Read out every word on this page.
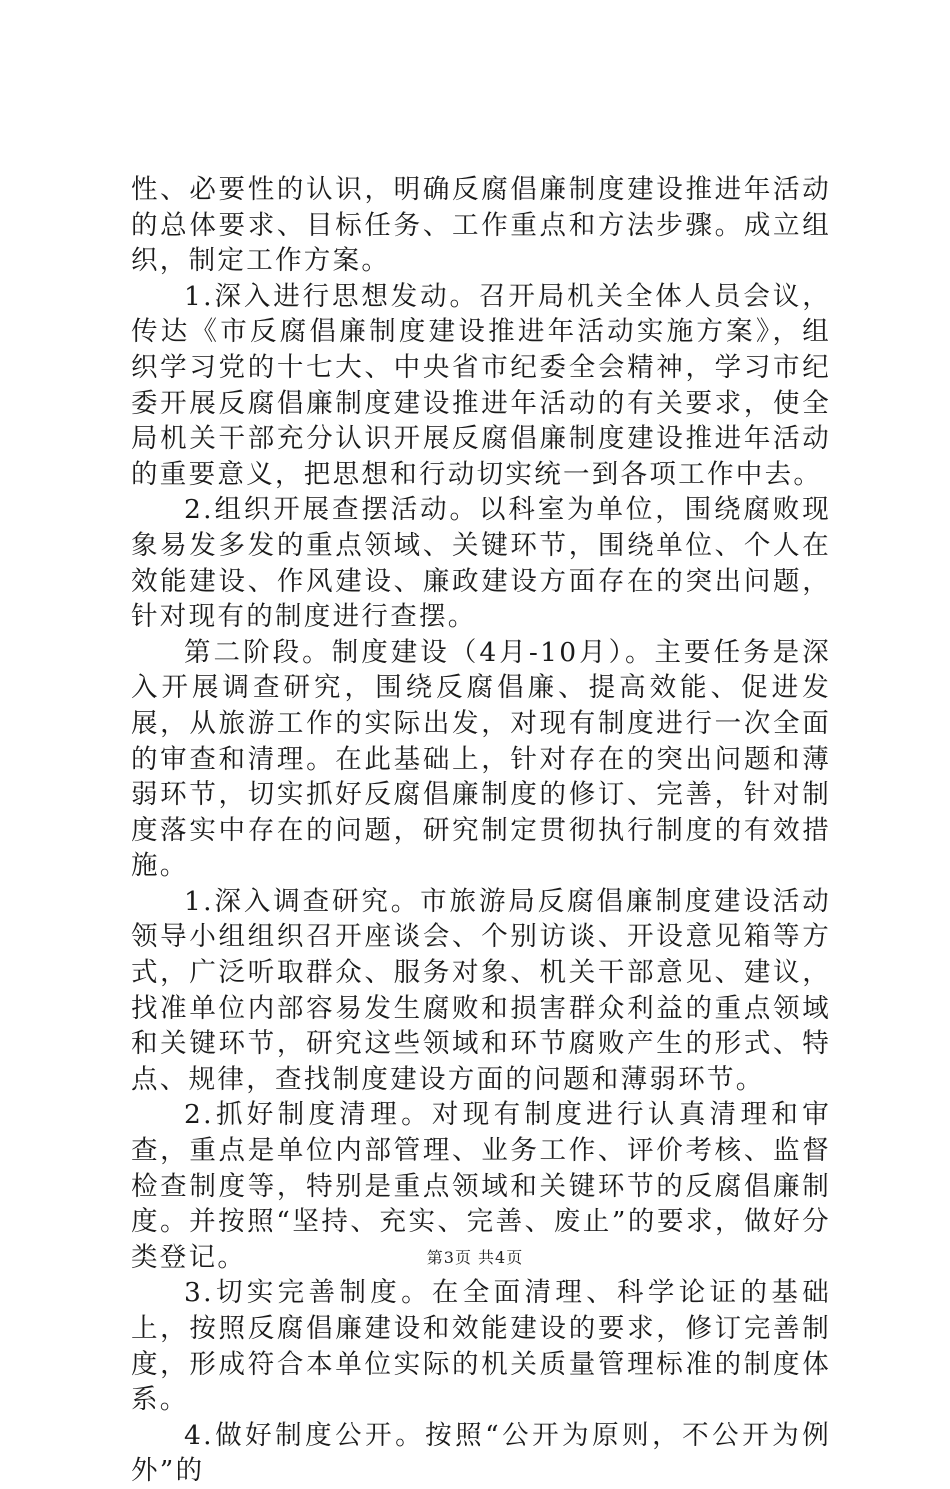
性、必要性的认识，明确反腐倡廉制度建设推进年活动的总体要求、目标任务、工作重点和方法步骤。成立组织，制定工作方案。

1.深入进行思想发动。召开局机关全体人员会议，传达《市反腐倡廉制度建设推进年活动实施方案》，组织学习党的十七大、中央省市纪委全会精神，学习市纪委开展反腐倡廉制度建设推进年活动的有关要求，使全局机关干部充分认识开展反腐倡廉制度建设推进年活动的重要意义，把思想和行动切实统一到各项工作中去。

2.组织开展查摆活动。以科室为单位，围绕腐败现象易发多发的重点领域、关键环节，围绕单位、个人在效能建设、作风建设、廉政建设方面存在的突出问题，针对现有的制度进行查摆。

第二阶段。制度建设（4月-10月）。主要任务是深入开展调查研究，围绕反腐倡廉、提高效能、促进发展，从旅游工作的实际出发，对现有制度进行一次全面的审查和清理。在此基础上，针对存在的突出问题和薄弱环节，切实抓好反腐倡廉制度的修订、完善，针对制度落实中存在的问题，研究制定贯彻执行制度的有效措施。

1.深入调查研究。市旅游局反腐倡廉制度建设活动领导小组组织召开座谈会、个别访谈、开设意见箱等方式，广泛听取群众、服务对象、机关干部意见、建议，找准单位内部容易发生腐败和损害群众利益的重点领域和关键环节，研究这些领域和环节腐败产生的形式、特点、规律，查找制度建设方面的问题和薄弱环节。

2.抓好制度清理。对现有制度进行认真清理和审查，重点是单位内部管理、业务工作、评价考核、监督检查制度等，特别是重点领域和关键环节的反腐倡廉制度。并按照“坚持、充实、完善、废止”的要求，做好分类登记。

3.切实完善制度。在全面清理、科学论证的基础上，按照反腐倡廉建设和效能建设的要求，修订完善制度，形成符合本单位实际的机关质量管理标准的制度体系。

4.做好制度公开。按照“公开为原则，不公开为例外”的

第3页 共4页
